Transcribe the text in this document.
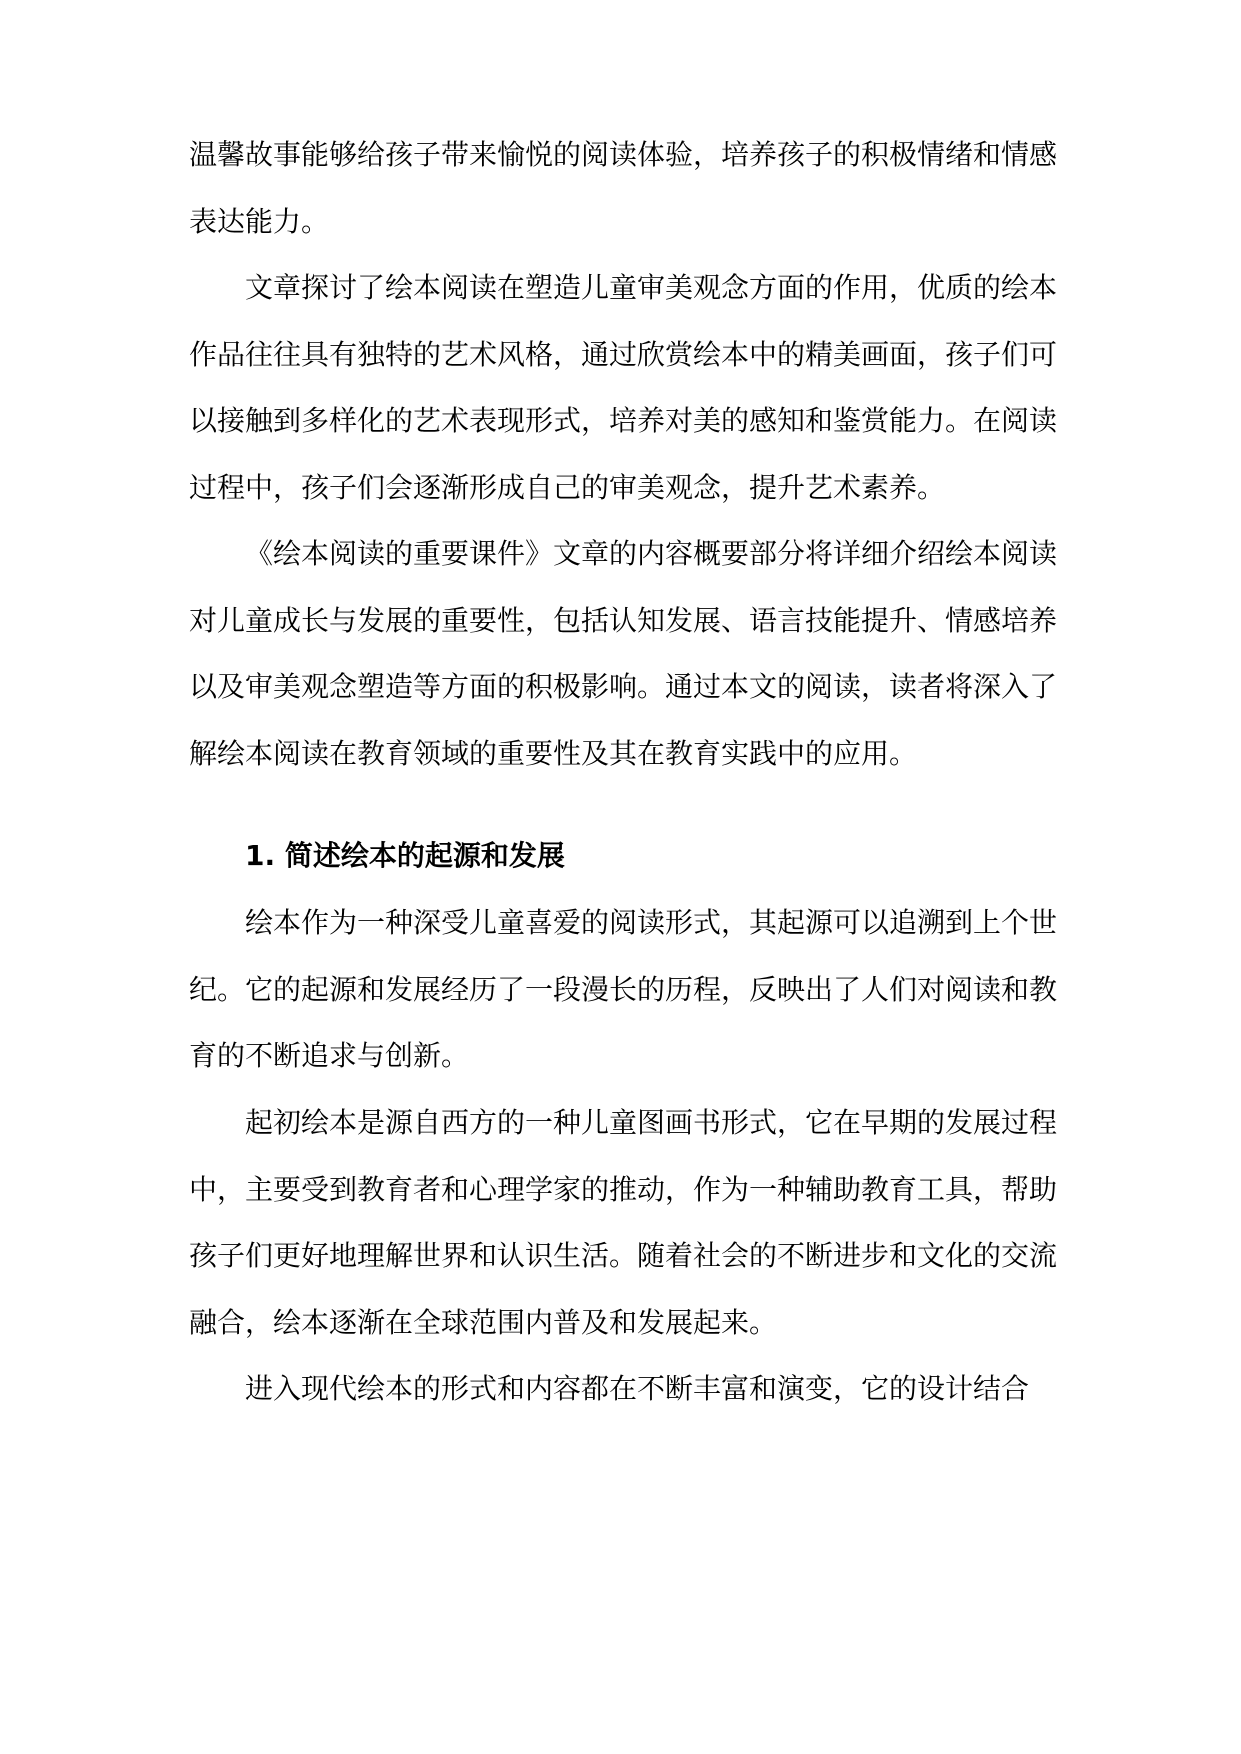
温馨故事能够给孩子带来愉悦的阅读体验，培养孩子的积极情绪和情感表达能力。

文章探讨了绘本阅读在塑造儿童审美观念方面的作用，优质的绘本作品往往具有独特的艺术风格，通过欣赏绘本中的精美画面，孩子们可以接触到多样化的艺术表现形式，培养对美的感知和鉴赏能力。在阅读过程中，孩子们会逐渐形成自己的审美观念，提升艺术素养。

《绘本阅读的重要课件》文章的内容概要部分将详细介绍绘本阅读对儿童成长与发展的重要性，包括认知发展、语言技能提升、情感培养以及审美观念塑造等方面的积极影响。通过本文的阅读，读者将深入了解绘本阅读在教育领域的重要性及其在教育实践中的应用。

1. 简述绘本的起源和发展

绘本作为一种深受儿童喜爱的阅读形式，其起源可以追溯到上个世纪。它的起源和发展经历了一段漫长的历程，反映出了人们对阅读和教育的不断追求与创新。

起初绘本是源自西方的一种儿童图画书形式，它在早期的发展过程中，主要受到教育者和心理学家的推动，作为一种辅助教育工具，帮助孩子们更好地理解世界和认识生活。随着社会的不断进步和文化的交流融合，绘本逐渐在全球范围内普及和发展起来。

进入现代绘本的形式和内容都在不断丰富和演变，它的设计结合
